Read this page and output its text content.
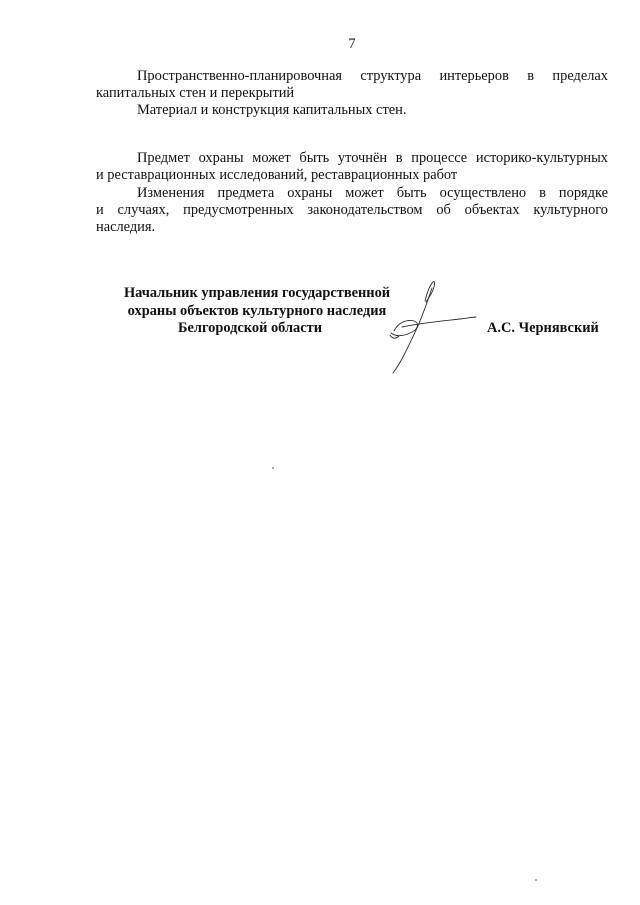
7
Пространственно-планировочная структура интерьеров в пределах
капитальных стен и перекрытий
Материал и конструкция капитальных стен.
Предмет охраны может быть уточнён в процессе историко-культурных
и реставрационных исследований, реставрационных работ
Изменения предмета охраны может быть осуществлено в порядке
и случаях, предусмотренных законодательством об объектах культурного
наследия.
Начальник управления государственной
охраны объектов культурного наследия
Белгородской области	А.С. Чернявский
